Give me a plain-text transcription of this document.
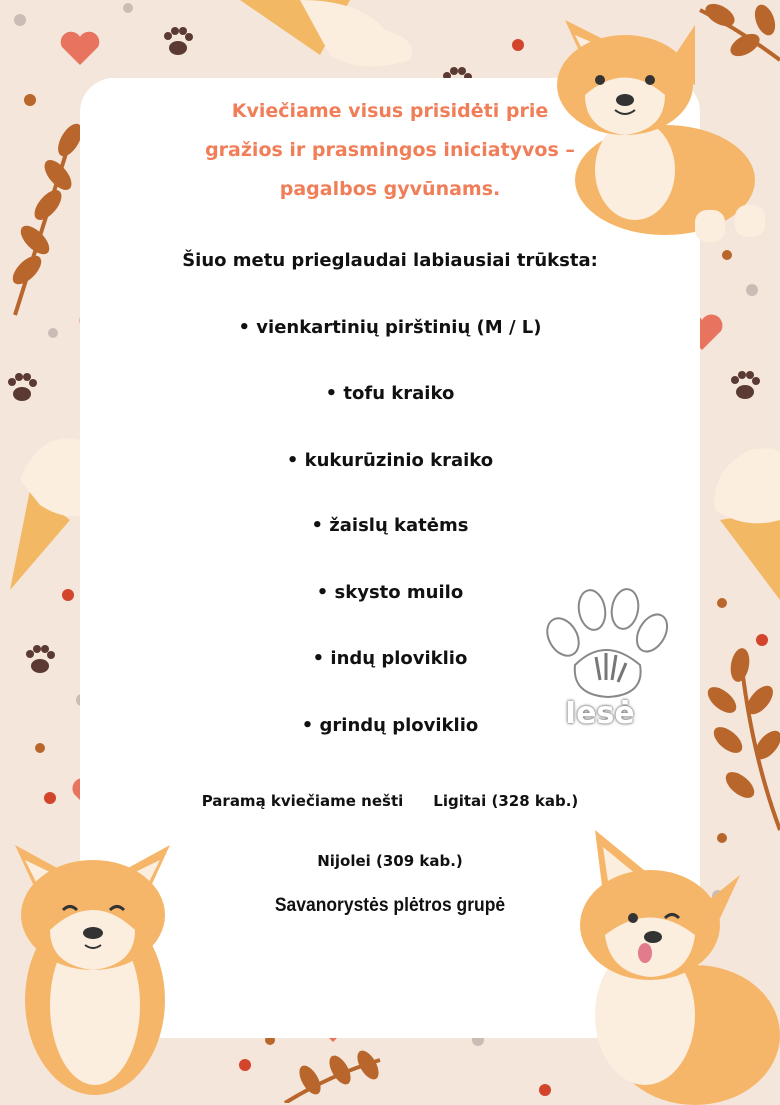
Iesė
Kviečiame visus prisidėti prie
gražios ir prasmingos iniciatyvos –
pagalbos gyvūnams.
Šiuo metu prieglaudai labiausiai trūksta:
• vienkartinių pirštinių (M / L)
• tofu kraiko
• kukurūzinio kraiko
• žaislų katėms
• skysto muilo
• indų ploviklio
• grindų ploviklio
Paramą kviečiame nešti Ligitai (328 kab.)
Nijolei (309 kab.)
Savanorystės plėtros grupė
